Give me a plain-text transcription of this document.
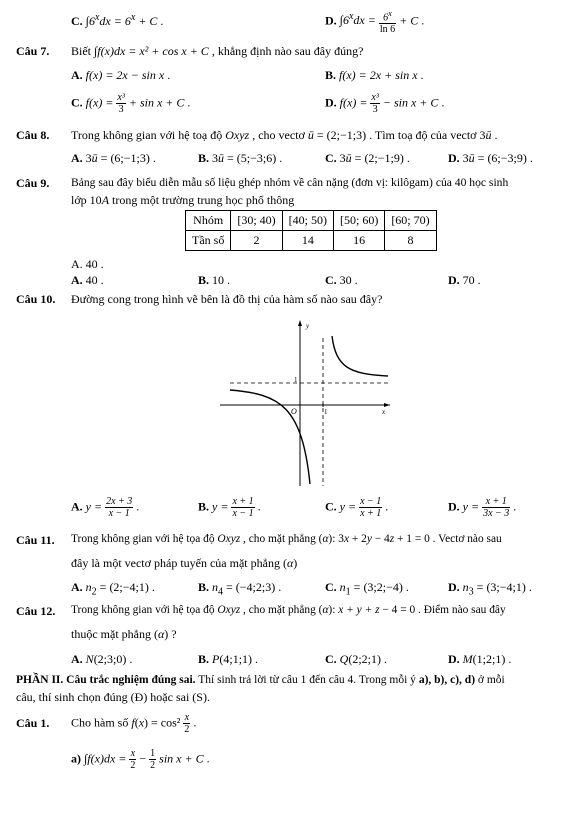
C. $\int 6^xdx = 6^x + C$ .	D. $\int 6^xdx = \frac{6^x}{\ln 6} + C$ .
Câu 7. Biết ∫f(x)dx = x² + cos x + C , khẳng định nào sau đây đúng?
A. f(x) = 2x − sin x .	B. f(x) = 2x + sin x .
C. $f(x) = \frac{\text{x³}}{3} + \sin x + C$ .	D. $f(x) = \frac{\text{x³}}{3} - \sin x + C$ .
Câu 8. Trong không gian với hệ toạ độ Oxyz , cho vectơ ū = (2;−1;3) . Tìm toạ độ của vectơ 3ū .
A. 3ū = (6;−1;3) .	B. 3ū = (5;−3;6) .	C. 3ū = (2;−1;9) .	D. 3ū = (6;−3;9) .
Câu 9. Bảng sau đây biểu diễn mẫu số liệu ghép nhóm về cân nặng (đơn vị: kilôgam) của 40 học sinh
lớp 10A trong một trường trung học phổ thông
Nhóm	[30; 40)	[40; 50)	[50; 60)	[60; 70)
Tần số	2	14	16	8
A. 40 .
A. 40 .	B. 10 .	C. 30 .	D. 70 .
Câu 10. Đường cong trong hình vẽ bên là đồ thị của hàm số nào sau đây?
y
x
O	1
1
A. $y = \frac{2x + 3}{x - 1}$ .	B. $y = \frac{x + 1}{x - 1}$ .	C. $y = \frac{x - 1}{x + 1}$ .	D. $y = \frac{x + 1}{3x - 3}$ .
Câu 11. Trong không gian với hệ tọa độ Oxyz , cho mặt phẳng (α): 3x + 2y − 4z + 1 = 0 . Vectơ nào sau
đây là một vectơ pháp tuyến của mặt phẳng (α)
A. $n_2$ = (2;−4;1) .	B. $n_4$ = (−4;2;3) .	C. $n_1$ = (3;2;−4) .	D. $n_3$ = (3;−4;1) .
Câu 12. Trong không gian với hệ tọa độ Oxyz , cho mặt phẳng (α): x + y + z − 4 = 0 . Điểm nào sau đây
thuộc mặt phẳng (α) ?
A. N(2;3;0) .	B. P(4;1;1) .	C. Q(2;2;1) .	D. M(1;2;1) .
PHẦN II. Câu trắc nghiệm đúng sai. Thí sinh trả lời từ câu 1 đến câu 4. Trong mỗi ý a), b), c), d) ở mỗi
câu, thí sinh chọn đúng (Đ) hoặc sai (S).
Câu 1. Cho hàm số $f(x) = \cos^2 \frac{x}{2}$ .
a) $\int f(x)dx = \frac{x}{2} - \frac{1}{2}$ sin x + C .
